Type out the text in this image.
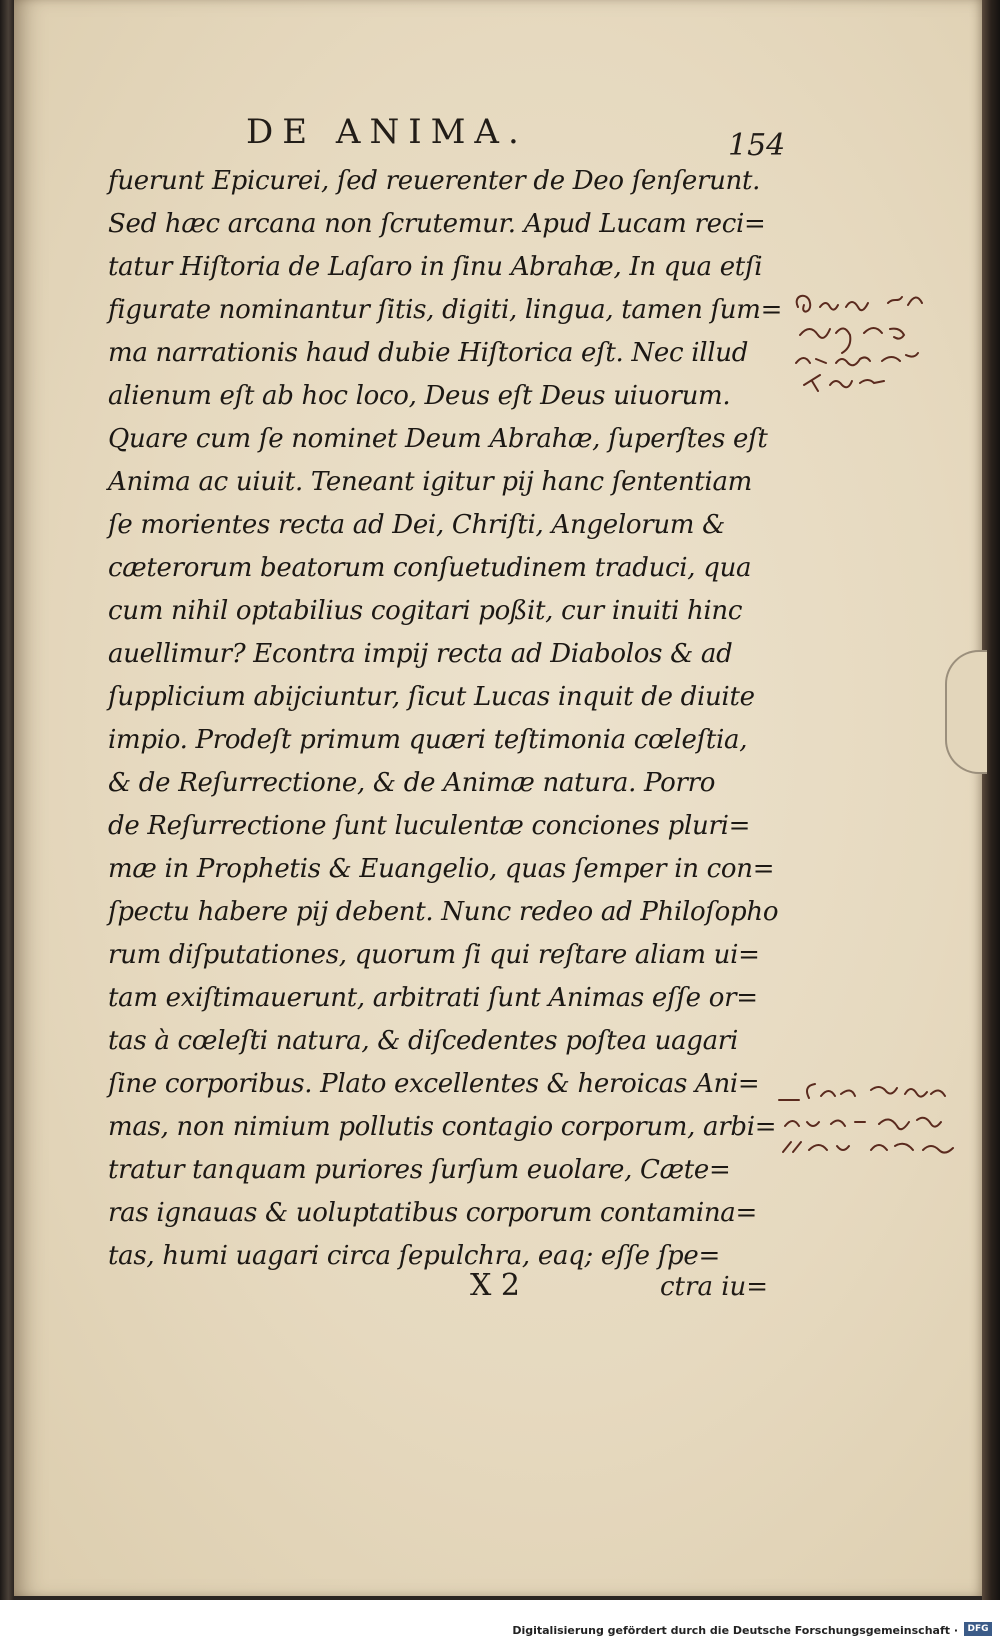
DE ANIMA.	154
fuerunt Epicurei, ſed reuerenter de Deo ſenſerunt.
Sed hæc arcana non ſcrutemur. Apud Lucam reci=
tatur Hiſtoria de Laſaro in ſinu Abrahæ, In qua etſi
figurate nominantur ſitis, digiti, lingua, tamen ſum=
ma narrationis haud dubie Hiſtorica eſt. Nec illud
alienum eſt ab hoc loco, Deus eſt Deus uiuorum.
Quare cum ſe nominet Deum Abrahæ, ſuperſtes eſt
Anima ac uiuit. Teneant igitur pij hanc ſententiam
ſe morientes recta ad Dei, Chriſti, Angelorum &
cæterorum beatorum conſuetudinem traduci, qua
cum nihil optabilius cogitari poßit, cur inuiti hinc
auellimur? Econtra impij recta ad Diabolos & ad
ſupplicium abijciuntur, ſicut Lucas inquit de diuite
impio. Prodeſt primum quæri teſtimonia cœleſtia,
& de Reſurrectione, & de Animæ natura. Porro
de Reſurrectione ſunt luculentæ conciones pluri=
mæ in Prophetis & Euangelio, quas ſemper in con=
ſpectu habere pij debent. Nunc redeo ad Philoſopho
rum diſputationes, quorum ſi qui reſtare aliam ui=
tam exiſtimauerunt, arbitrati ſunt Animas eſſe or=
tas à cœleſti natura, & diſcedentes poſtea uagari
ſine corporibus. Plato excellentes & heroicas Ani=
mas, non nimium pollutis contagio corporum, arbi=
tratur tanquam puriores ſurſum euolare, Cæte=
ras ignauas & uoluptatibus corporum contamina=
tas, humi uagari circa ſepulchra, eaq; eſſe ſpe=
X 2	ctra iu=
Digitalisierung gefördert durch die Deutsche Forschungsgemeinschaft ·	DFG
